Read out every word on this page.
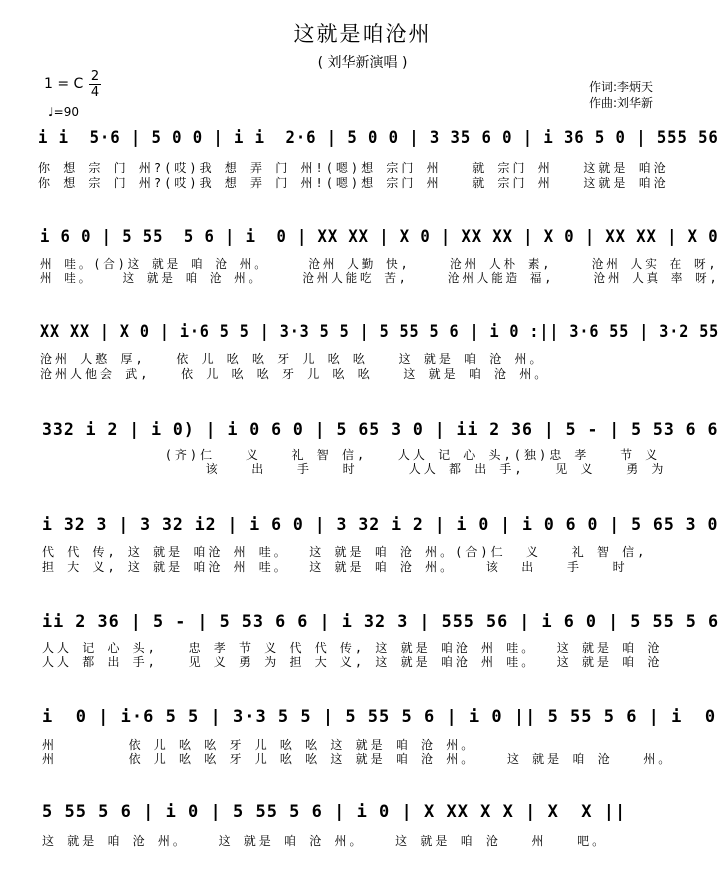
这就是咱沧州
( 刘华新演唱 )
1 = C 2
4
♩=90
作词:李炳天
作曲:刘华新
i i  5·6 | 5 0 0 | i i  2·6 | 5 0 0 | 3 35 6 0 | i 36 5 0 | 555 56
你 想 宗 门 州?(哎)我 想 弄 门 州!(嗯)想 宗门 州   就 宗门 州   这就是 咱沧
你 想 宗 门 州?(哎)我 想 弄 门 州!(嗯)想 宗门 州   就 宗门 州   这就是 咱沧
i 6 0 | 5 55  5 6 | i  0 | XX XX | X 0 | XX XX | X 0 | XX XX | X 0
州 哇。(合)这 就是 咱 沧 州。    沧州 人勤 快,    沧州 人朴 素,    沧州 人实 在 呀,
州 哇。   这 就是 咱 沧 州。    沧州人能吃 苦,    沧州人能造 福,    沧州 人真 率 呀,
XX XX | X 0 | i·6 5 5 | 3·3 5 5 | 5 55 5 6 | i 0 :|| 3·6 55 | 3·2 55
沧州 人憨 厚,   依 儿 吆 吆 牙 儿 吆 吆   这 就是 咱 沧 州。
沧州人他会 武,   依 儿 吆 吆 牙 儿 吆 吆   这 就是 咱 沧 州。
332 i 2 | i 0) | i 0 6 0 | 5 65 3 0 | ii 2 36 | 5 - | 5 53 6 6
(齐)仁   义   礼 智 信,   人人 记 心 头,(独)忠 孝   节 义
该   出   手   时     人人 都 出 手,   见 义   勇 为
i 32 3 | 3 32 i2 | i 6 0 | 3 32 i 2 | i 0 | i 0 6 0 | 5 65 3 0
代 代 传, 这 就是 咱沧 州 哇。  这 就是 咱 沧 州。(合)仁  义   礼 智 信,
担 大 义, 这 就是 咱沧 州 哇。  这 就是 咱 沧 州。   该  出   手   时
ii 2 36 | 5 - | 5 53 6 6 | i 32 3 | 555 56 | i 6 0 | 5 55 5 6
人人 记 心 头,   忠 孝 节 义 代 代 传, 这 就是 咱沧 州 哇。  这 就是 咱 沧
人人 都 出 手,   见 义 勇 为 担 大 义, 这 就是 咱沧 州 哇。  这 就是 咱 沧
i  0 | i·6 5 5 | 3·3 5 5 | 5 55 5 6 | i 0 || 5 55 5 6 | i  0
州       依 儿 吆 吆 牙 儿 吆 吆 这 就是 咱 沧 州。
州       依 儿 吆 吆 牙 儿 吆 吆 这 就是 咱 沧 州。   这 就是 咱 沧   州。
5 55 5 6 | i 0 | 5 55 5 6 | i 0 | X XX X X | X  X ||
这 就是 咱 沧 州。   这 就是 咱 沧 州。   这 就是 咱 沧   州   吧。
